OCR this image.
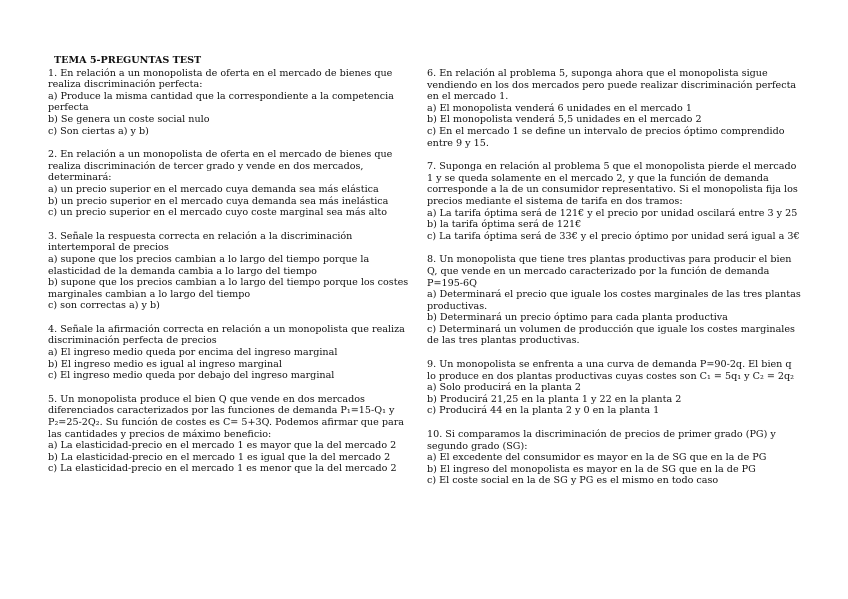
TEMA 5-PREGUNTAS TEST

1. En relación a un monopolista de oferta en el mercado de bienes que realiza discriminación perfecta:

a) Produce la misma cantidad que la correspondiente a la competencia perfecta

b) Se genera un coste social nulo

c) Son ciertas a) y b)

2. En relación a un monopolista de oferta en el mercado de bienes que realiza discriminación de tercer grado y vende en dos mercados, determinará:

a) un precio superior en el mercado cuya demanda sea más elástica

b) un precio superior en el mercado cuya demanda sea más inelástica

c) un precio superior en el mercado cuyo coste marginal sea más alto

3. Señale la respuesta correcta en relación a la discriminación intertemporal de precios

a) supone que los precios cambian a lo largo del tiempo porque la elasticidad de la demanda cambia a lo largo del tiempo

b) supone que los precios cambian a lo largo del tiempo porque los costes marginales cambian a lo largo del tiempo

c) son correctas a) y b)

4. Señale la afirmación correcta en relación a un monopolista que realiza discriminación perfecta de precios

a) El ingreso medio queda por encima del ingreso marginal

b) El ingreso medio es igual al ingreso marginal

c) El ingreso medio queda por debajo del ingreso marginal

5. Un monopolista produce el bien Q que vende en dos mercados diferenciados caracterizados por las funciones de demanda P₁=15-Q₁ y P₂=25-2Q₂. Su función de costes es C= 5+3Q. Podemos afirmar que para las cantidades y precios de máximo beneficio:

a) La elasticidad-precio en el mercado 1 es mayor que la del mercado 2

b) La elasticidad-precio en el mercado 1 es igual que la del mercado 2

c) La elasticidad-precio en el mercado 1 es menor que la del mercado 2

6. En relación al problema 5, suponga ahora que el monopolista sigue vendiendo en los dos mercados pero puede realizar discriminación perfecta en el mercado 1.

a) El monopolista venderá 6 unidades en el mercado 1

b) El monopolista venderá 5,5 unidades en el mercado 2

c) En el mercado 1 se define un intervalo de precios óptimo comprendido entre 9 y 15.

7. Suponga en relación al problema 5 que el monopolista pierde el mercado 1 y se queda solamente en el mercado 2, y que la función de demanda corresponde a la de un consumidor representativo. Si el monopolista fija los precios mediante el sistema de tarifa en dos tramos:

a) La tarifa óptima será de 121€ y el precio por unidad oscilará entre 3 y 25

b) la tarifa óptima será de 121€

c) La tarifa óptima será de 33€ y el precio óptimo por unidad será igual a 3€

8. Un monopolista que tiene tres plantas productivas para producir el bien Q, que vende en un mercado caracterizado por la función de demanda P=195-6Q

a) Determinará el precio que iguale los costes marginales de las tres plantas productivas.

b) Determinará un precio óptimo para cada planta productiva

c) Determinará un volumen de producción que iguale los costes marginales de las tres plantas productivas.

9. Un monopolista se enfrenta a una curva de demanda P=90-2q. El bien q lo produce en dos plantas productivas cuyas costes son C₁ = 5q₁ y C₂ = 2q₂

a) Solo producirá en la planta 2

b) Producirá 21,25 en la planta 1 y 22 en la planta 2

c) Producirá 44 en la planta 2 y 0 en la planta 1

10. Si comparamos la discriminación de precios de primer grado (PG) y segundo grado (SG):

a) El excedente del consumidor es mayor en la de SG que en la de PG

b) El ingreso del monopolista es mayor en la de SG que en la de PG

c) El coste social en la de SG y PG es el mismo en todo caso
